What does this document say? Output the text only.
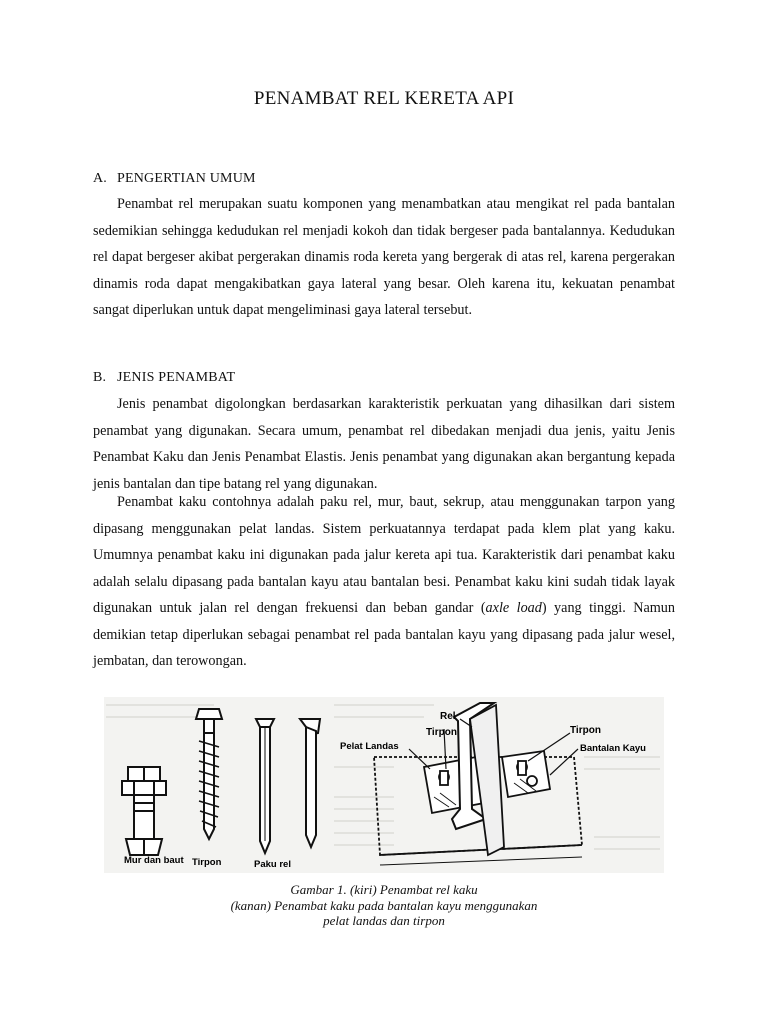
PENAMBAT REL KERETA API
A. PENGERTIAN UMUM

Penambat rel merupakan suatu komponen yang menambatkan atau mengikat rel pada bantalan sedemikian sehingga kedudukan rel menjadi kokoh dan tidak bergeser pada bantalannya. Kedudukan rel dapat bergeser akibat pergerakan dinamis roda kereta yang bergerak di atas rel, karena pergerakan dinamis roda dapat mengakibatkan gaya lateral yang besar. Oleh karena itu, kekuatan penambat sangat diperlukan untuk dapat mengeliminasi gaya lateral tersebut.

B. JENIS PENAMBAT

Jenis penambat digolongkan berdasarkan karakteristik perkuatan yang dihasilkan dari sistem penambat yang digunakan. Secara umum, penambat rel dibedakan menjadi dua jenis, yaitu Jenis Penambat Kaku dan Jenis Penambat Elastis. Jenis penambat yang digunakan akan bergantung kepada jenis bantalan dan tipe batang rel yang digunakan.

Penambat kaku contohnya adalah paku rel, mur, baut, sekrup, atau menggunakan tarpon yang dipasang menggunakan pelat landas. Sistem perkuatannya terdapat pada klem plat yang kaku. Umumnya penambat kaku ini digunakan pada jalur kereta api tua. Karakteristik dari penambat kaku adalah selalu dipasang pada bantalan kayu atau bantalan besi. Penambat kaku kini sudah tidak layak digunakan untuk jalan rel dengan frekuensi dan beban gandar (axle load) yang tinggi. Namun demikian tetap diperlukan sebagai penambat rel pada bantalan kayu yang dipasang pada jalur wesel, jembatan, dan terowongan.

Mur dan baut Tirpon	Paku rel
Rel
Tirpon	Tirpon
Pelat Landas	Bantalan Kayu
Gambar 1. (kiri) Penambat rel kaku
(kanan) Penambat kaku pada bantalan kayu menggunakan
pelat landas dan tirpon
